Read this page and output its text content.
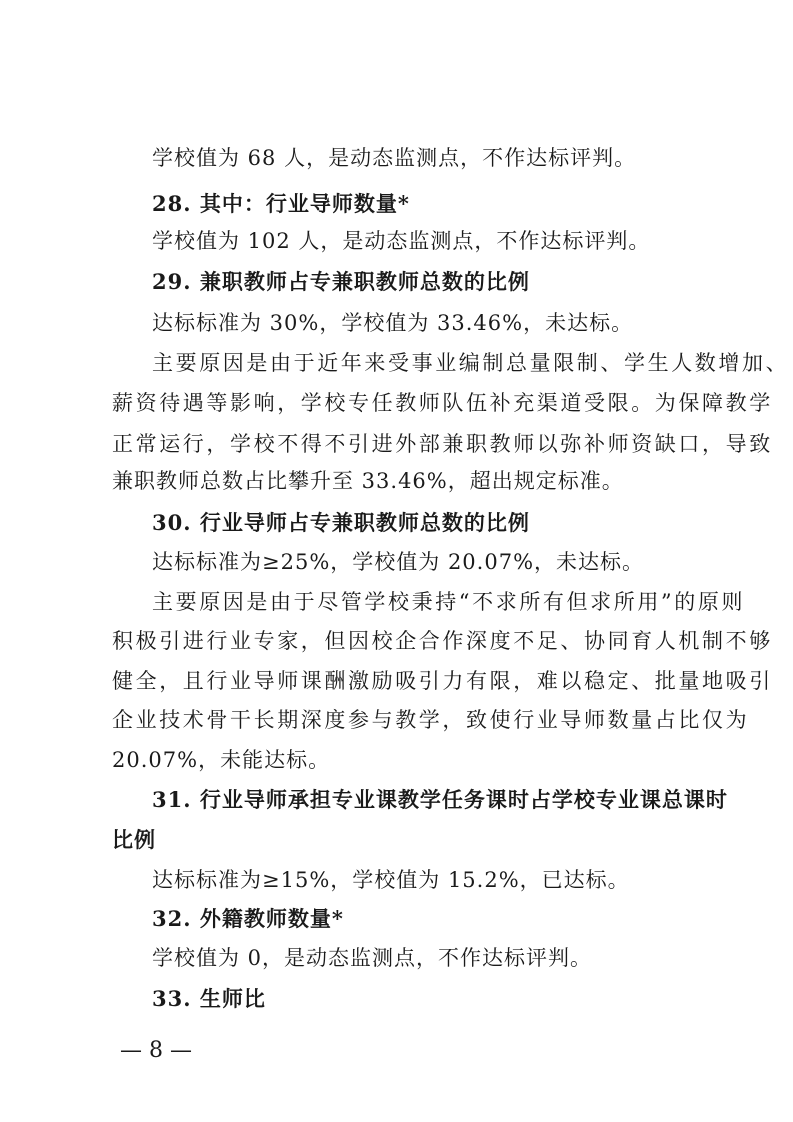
学校值为 68 人，是动态监测点，不作达标评判。
28. 其中：行业导师数量*
学校值为 102 人，是动态监测点，不作达标评判。
29. 兼职教师占专兼职教师总数的比例
达标标准为 30%，学校值为 33.46%，未达标。
主要原因是由于近年来受事业编制总量限制、学生人数增加、
薪资待遇等影响，学校专任教师队伍补充渠道受限。为保障教学
正常运行，学校不得不引进外部兼职教师以弥补师资缺口，导致
兼职教师总数占比攀升至 33.46%，超出规定标准。
30. 行业导师占专兼职教师总数的比例
达标标准为≥25%，学校值为 20.07%，未达标。
主要原因是由于尽管学校秉持“不求所有但求所用”的原则
积极引进行业专家，但因校企合作深度不足、协同育人机制不够
健全，且行业导师课酬激励吸引力有限，难以稳定、批量地吸引
企业技术骨干长期深度参与教学，致使行业导师数量占比仅为
20.07%，未能达标。
31. 行业导师承担专业课教学任务课时占学校专业课总课时
比例
达标标准为≥15%，学校值为 15.2%，已达标。
32. 外籍教师数量*
学校值为 0，是动态监测点，不作达标评判。
33. 生师比
— 8 —
